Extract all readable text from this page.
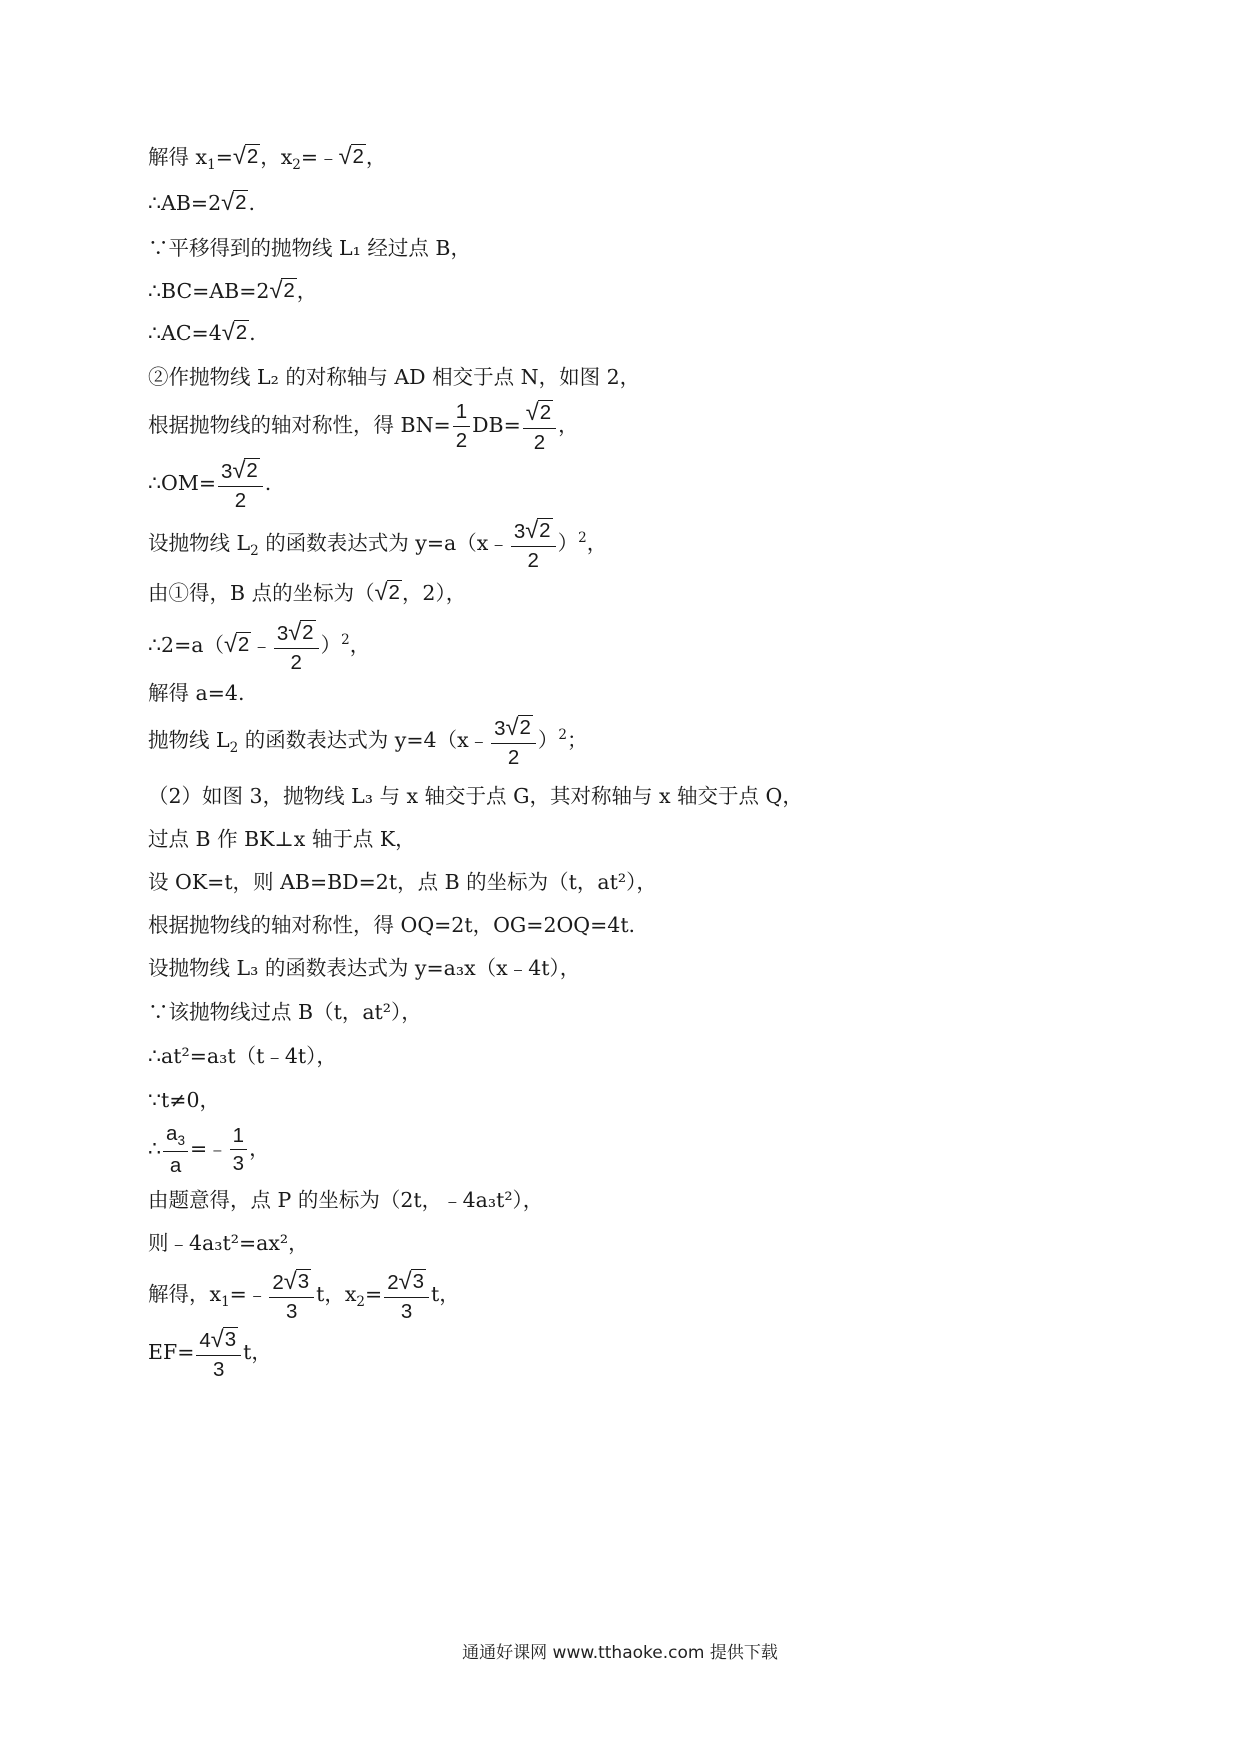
解得 $x_1=$ √ 2 ，$x_2=﹣$ √ 2 ，
∴AB=2 √ 2 .
∵平移得到的抛物线 L₁ 经过点 B，
∴BC=AB=2 √ 2 ，
∴AC=4 √ 2 .
②作抛物线 L₂ 的对称轴与 AD 相交于点 N，如图 2，
根据抛物线的轴对称性，得 $BN= \frac{1}{2} DB= \frac{√ 2}{2}$ ，
∴OM= $\frac{3 √ 2}{2}$ .
设抛物线 $L_2$ 的函数表达式为 y=a（x﹣ $\frac{3 √ 2}{2} )^2$，
由①得，B 点的坐标为（ √ 2 ，2），
∴2=a（ √ 2 ﹣ $\frac{3 √ 2}{2} )^2$，
解得 a=4.
抛物线 $L_2$ 的函数表达式为 y=4（x﹣ $\frac{3 √ 2}{2} )^2$；
（2）如图 3，抛物线 L₃ 与 x 轴交于点 G，其对称轴与 x 轴交于点 Q，
过点 B 作 BK⊥x 轴于点 K，
设 OK=t，则 AB=BD=2t，点 B 的坐标为（t，at²），
根据抛物线的轴对称性，得 OQ=2t，OG=2OQ=4t.
设抛物线 L₃ 的函数表达式为 y=a₃x（x﹣4t），
∵该抛物线过点 B（t，at²），
∴at²=a₃t（t﹣4t），
∵t≠0，
∴ $\frac{a_3}{a}$ =﹣ $\frac{1}{3}$ ，
由题意得，点 P 的坐标为（2t，﹣4a₃t²），
则﹣4a₃t²=ax²，
解得，$x_1=﹣ \frac{2 √ 3}{3}$ t，$x_2= \frac{2 √ 3}{3}$ t，
$EF= \frac{4 √ 3}{3}$ t，
通通好课网 www.tthaoke.com 提供下载
